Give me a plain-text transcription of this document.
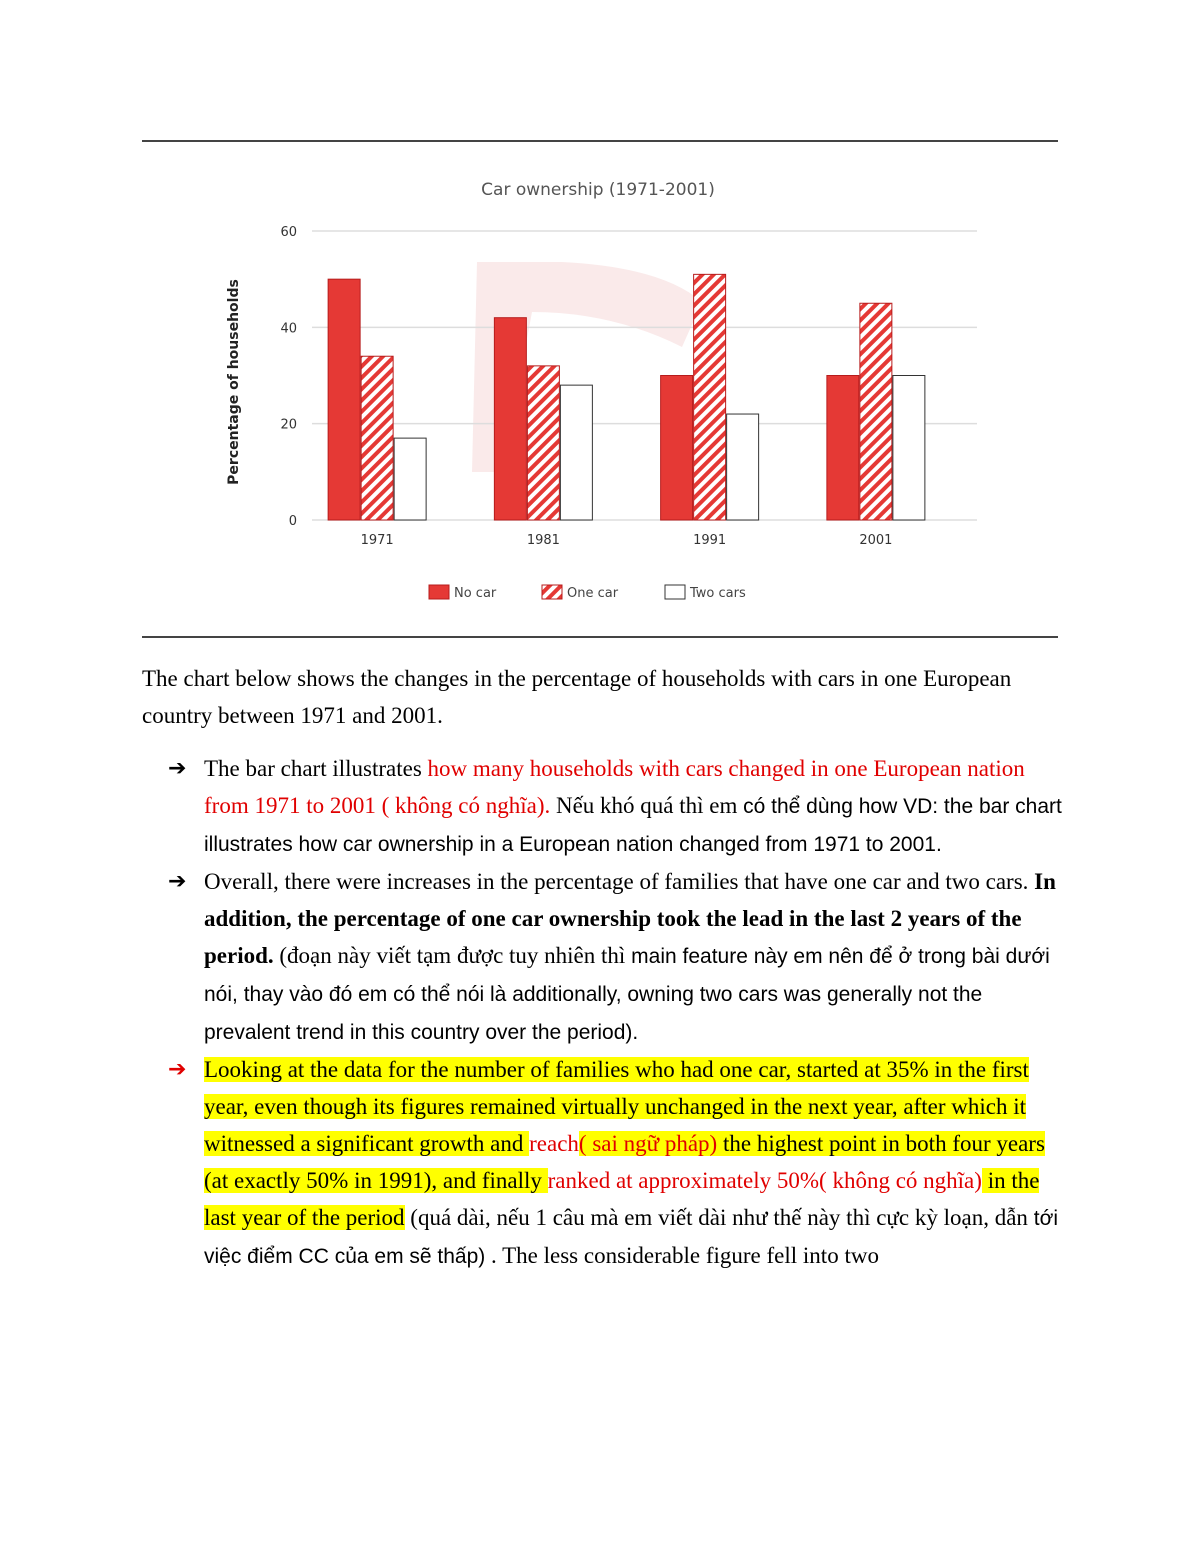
Car ownership (1971-2001)
0
20
40
60
1971	1981	1991	2001
Percentage of households
No car	One car	Two cars

The chart below shows the changes in the percentage of households with cars in one European country between 1971 and 2001.

➔ The bar chart illustrates how many households with cars changed in one European nation from 1971 to 2001 ( không có nghĩa). Nếu khó quá thì em có thể dùng how VD: the bar chart illustrates how car ownership in a European nation changed from 1971 to 2001.
➔ Overall, there were increases in the percentage of families that have one car and two cars. In addition, the percentage of one car ownership took the lead in the last 2 years of the period. (đoạn này viết tạm được tuy nhiên thì main feature này em nên để ở trong bài dưới nói, thay vào đó em có thể nói là additionally, owning two cars was generally not the prevalent trend in this country over the period).
➔ Looking at the data for the number of families who had one car, started at 35% in the first year, even though its figures remained virtually unchanged in the next year, after which it witnessed a significant growth and reach( sai ngữ pháp) the highest point in both four years (at exactly 50% in 1991), and finally ranked at approximately 50%( không có nghĩa) in the last year of the period (quá dài, nếu 1 câu mà em viết dài như thế này thì cực kỳ loạn, dẫn tới việc điểm CC của em sẽ thấp) . The less considerable figure fell into two
